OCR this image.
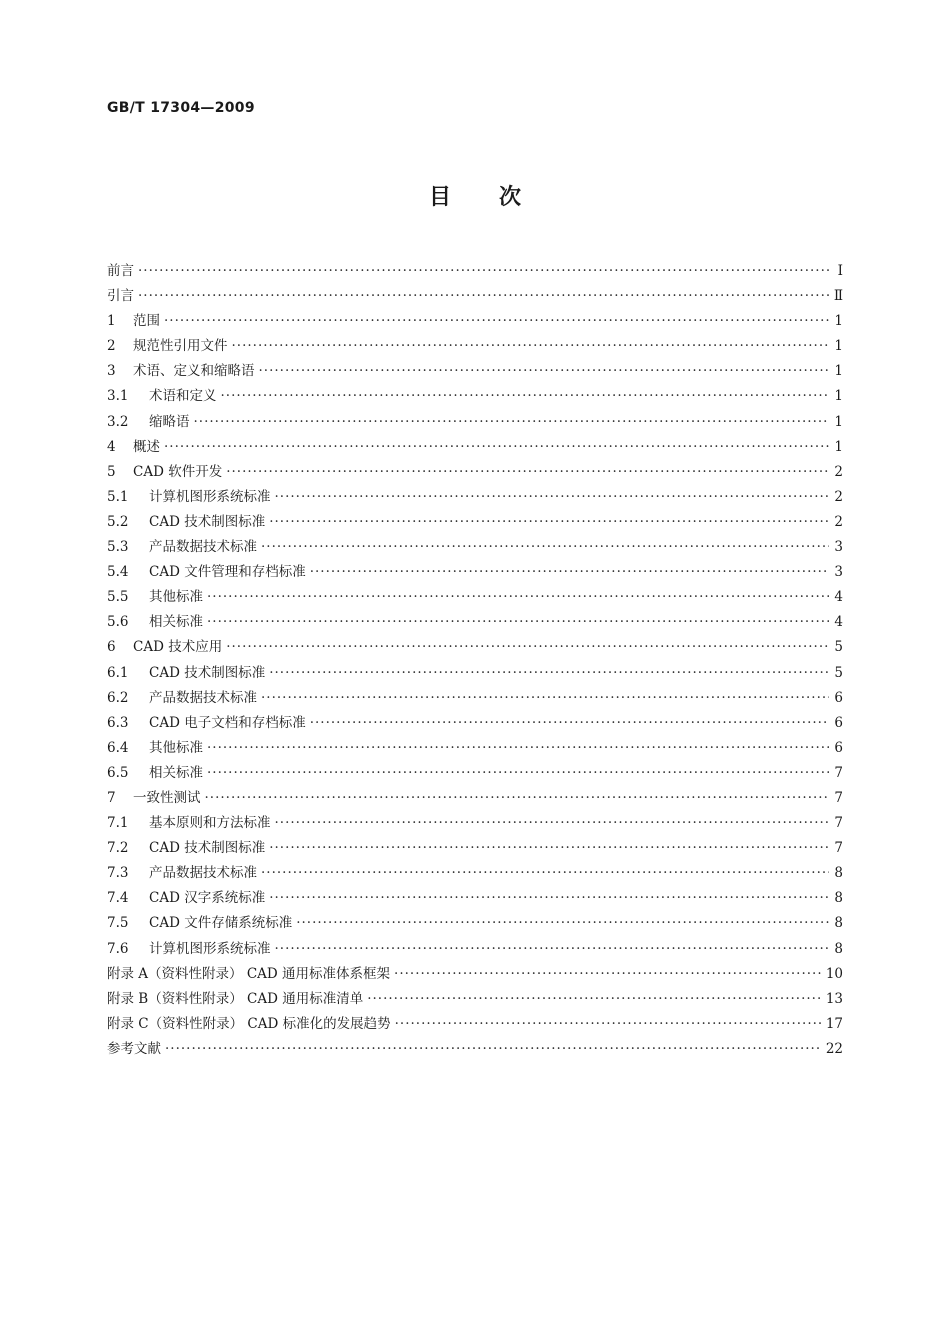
GB/T 17304—2009
目 次
前言 ·····	Ⅰ
引言 ·····	Ⅱ
1	范围 ·····	1
2	规范性引用文件 ·····	1
3	术语、定义和缩略语 ·····	1
3.1	术语和定义 ·····	1
3.2	缩略语 ·····	1
4	概述 ·····	1
5	CAD 软件开发 ·····	2
5.1	计算机图形系统标准 ·····	2
5.2	CAD 技术制图标准 ·····	2
5.3	产品数据技术标准 ·····	3
5.4	CAD 文件管理和存档标准 ·····	3
5.5	其他标准 ·····	4
5.6	相关标准 ·····	4
6	CAD 技术应用 ·····	5
6.1	CAD 技术制图标准 ·····	5
6.2	产品数据技术标准 ·····	6
6.3	CAD 电子文档和存档标准 ·····	6
6.4	其他标准 ·····	6
6.5	相关标准 ·····	7
7	一致性测试 ·····	7
7.1	基本原则和方法标准 ·····	7
7.2	CAD 技术制图标准 ·····	7
7.3	产品数据技术标准 ·····	8
7.4	CAD 汉字系统标准 ·····	8
7.5	CAD 文件存储系统标准 ·····	8
7.6	计算机图形系统标准 ·····	8
附录 A（资料性附录） CAD 通用标准体系框架 ·····	10
附录 B（资料性附录） CAD 通用标准清单 ·····	13
附录 C（资料性附录） CAD 标准化的发展趋势 ·····	17
参考文献 ·····	22
